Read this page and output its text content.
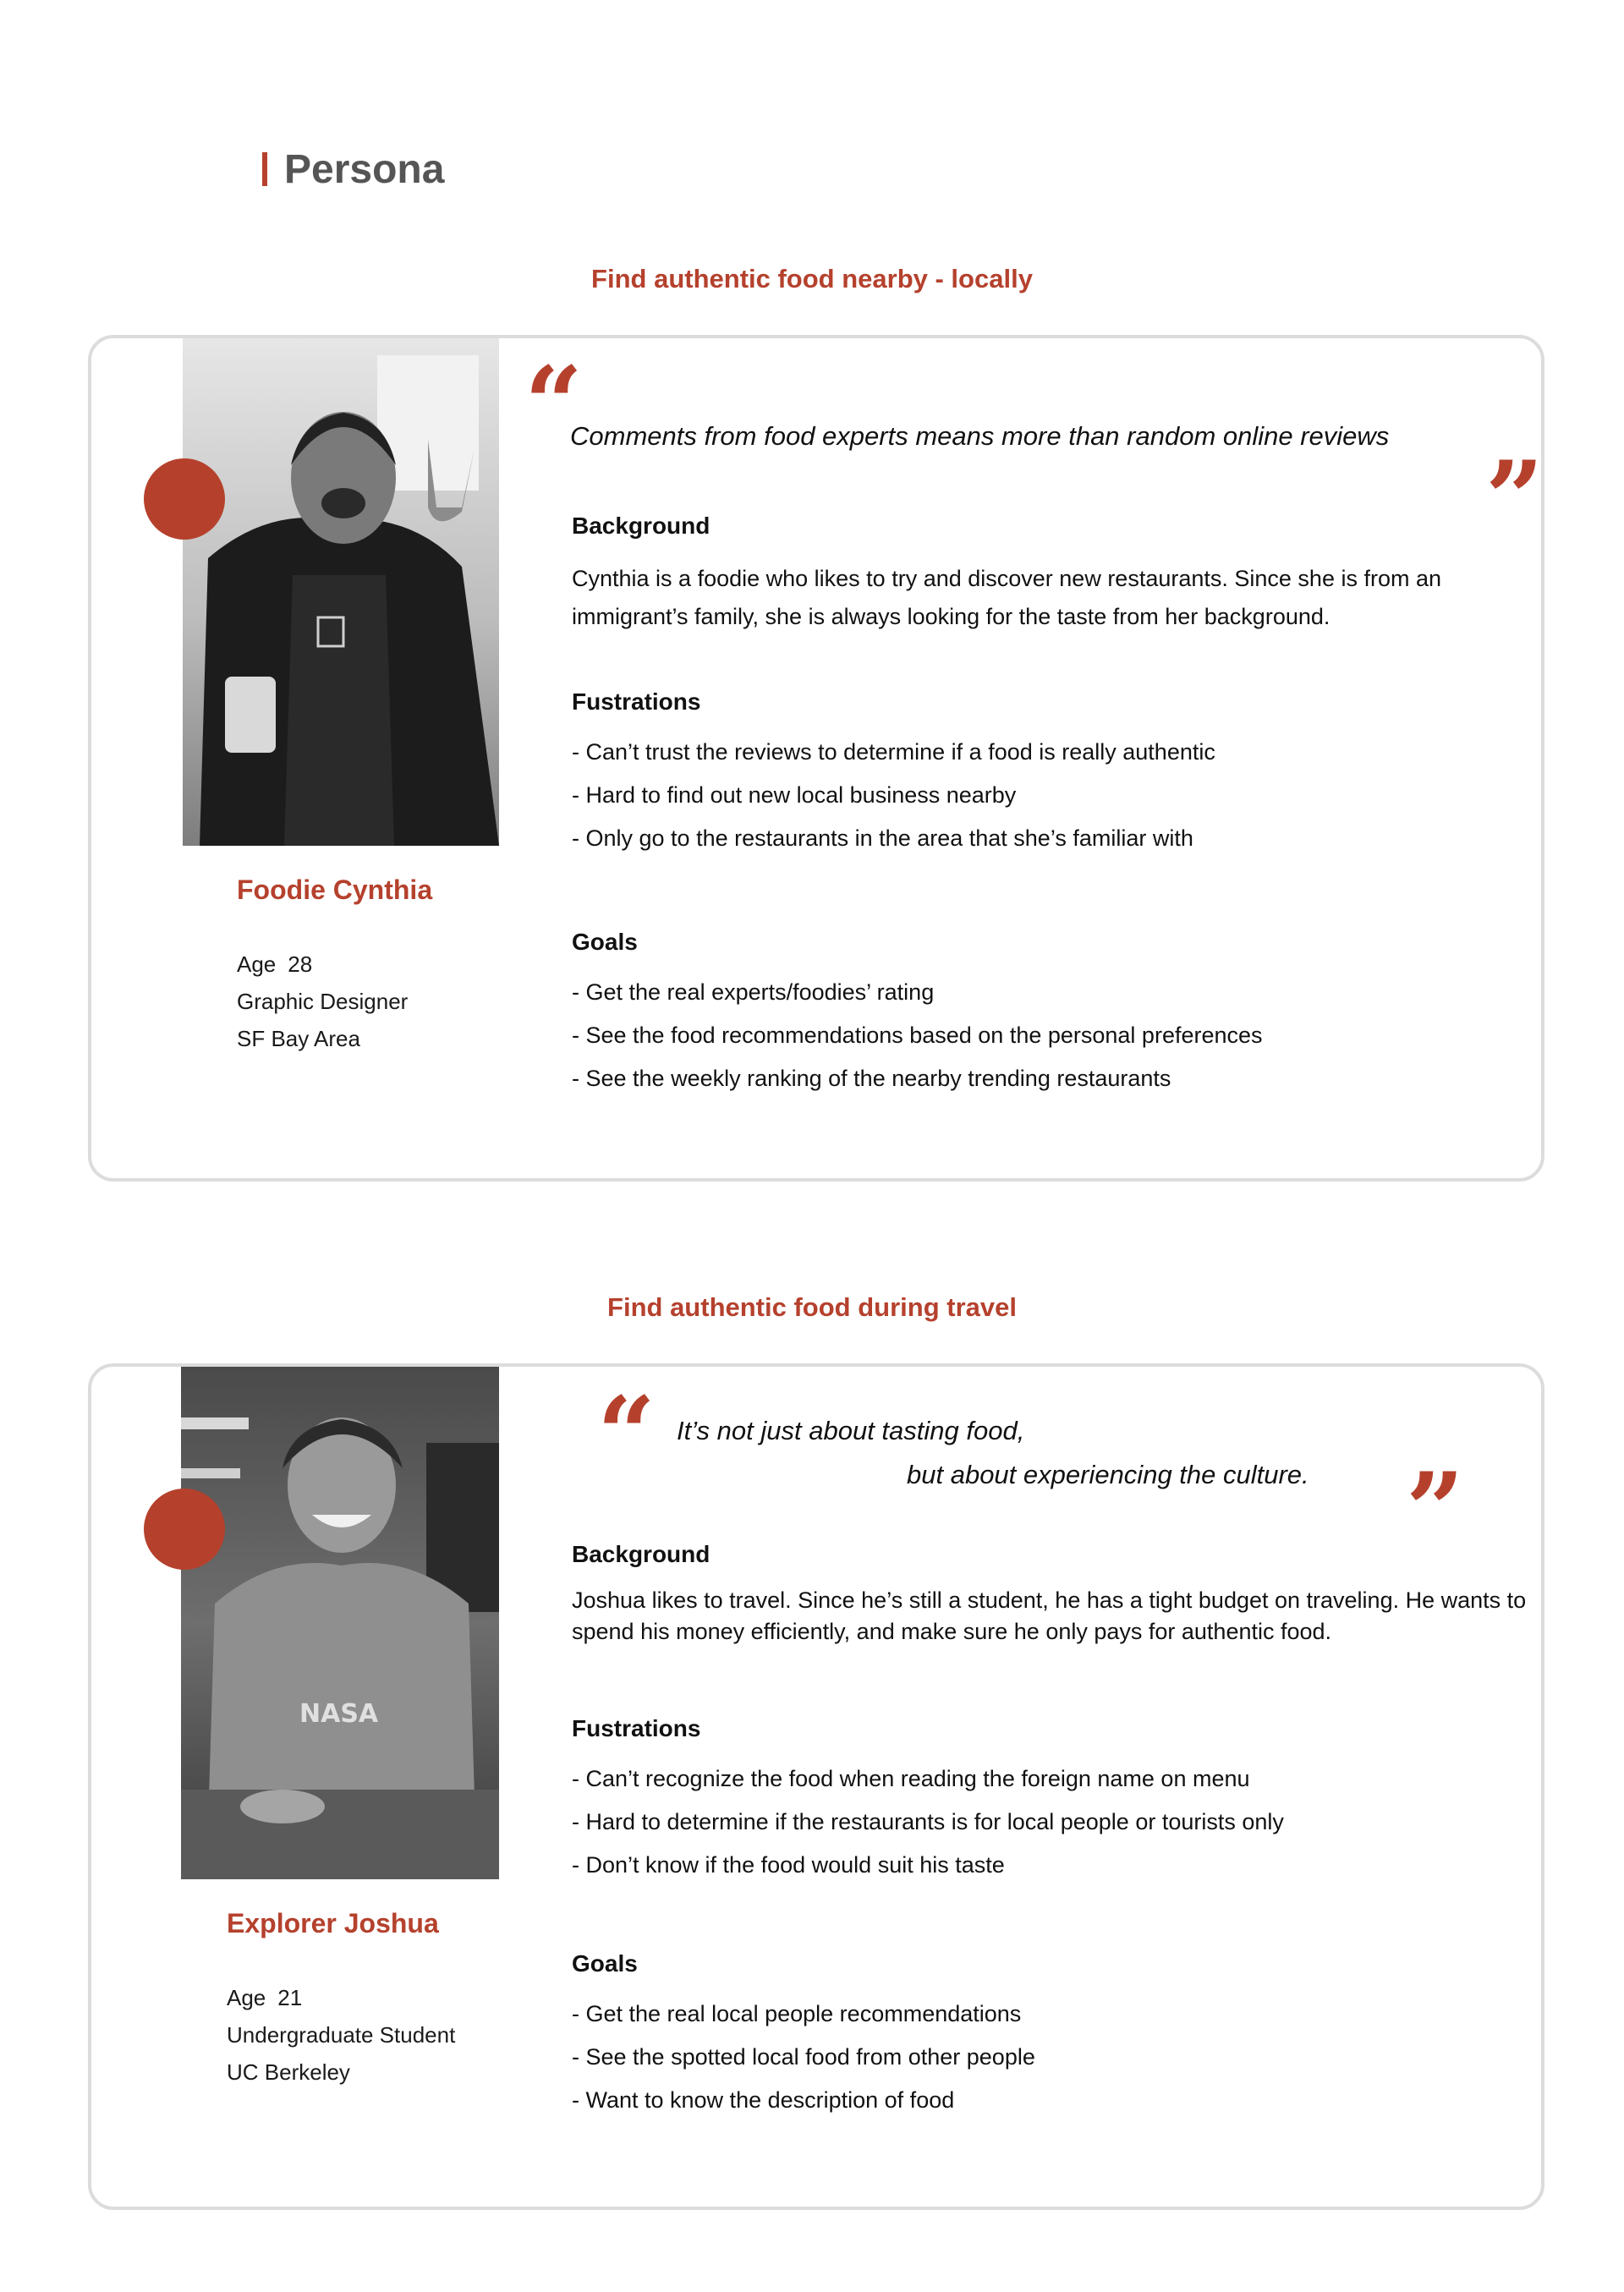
Persona
Find authentic food nearby - locally
Foodie Cynthia
Age 28
Graphic Designer
SF Bay Area
“
Comments from food experts means more than random online reviews
”
Background
Cynthia is a foodie who likes to try and discover new restaurants. Since she is from an immigrant’s family, she is always looking for the taste from her background.
Fustrations
- Can’t trust the reviews to determine if a food is really authentic
- Hard to find out new local business nearby
- Only go to the restaurants in the area that she’s familiar with
Goals
- Get the real experts/foodies’ rating
- See the food recommendations based on the personal preferences
- See the weekly ranking of the nearby trending restaurants
Find authentic food during travel
NASA
Explorer Joshua
Age 21
Undergraduate Student
UC Berkeley
“ It’s not just about tasting food,
but about experiencing the culture. ”
Background
Joshua likes to travel. Since he’s still a student, he has a tight budget on traveling. He wants to spend his money efficiently, and make sure he only pays for authentic food.
Fustrations
- Can’t recognize the food when reading the foreign name on menu
- Hard to determine if the restaurants is for local people or tourists only
- Don’t know if the food would suit his taste
Goals
- Get the real local people recommendations
- See the spotted local food from other people
- Want to know the description of food
